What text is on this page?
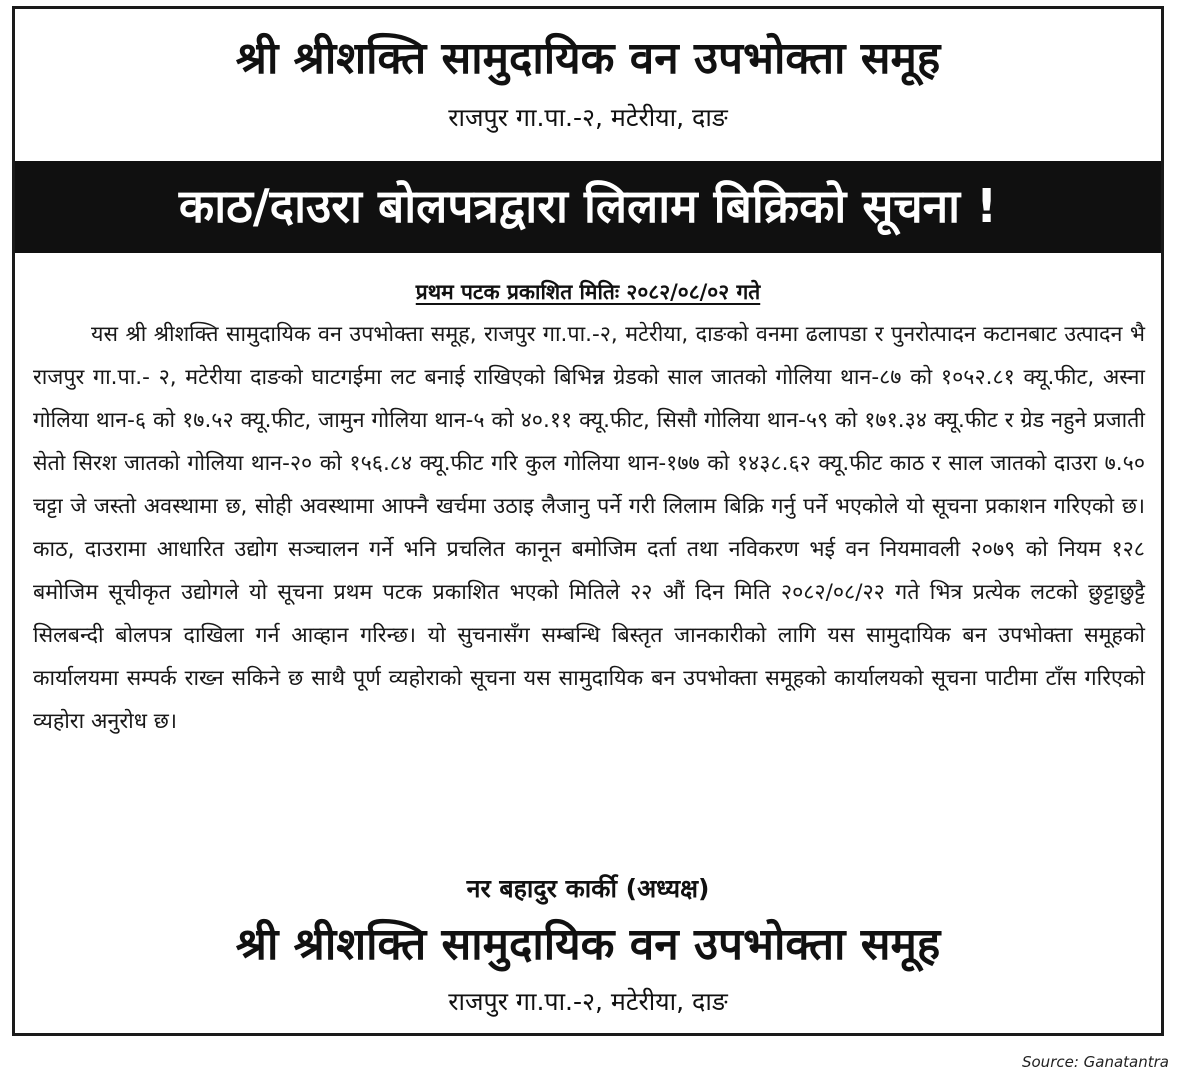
श्री श्रीशक्ति सामुदायिक वन उपभोक्ता समूह
राजपुर गा.पा.-२, मटेरीया, दाङ
काठ/दाउरा बोलपत्रद्वारा लिलाम बिक्रिको सूचना !
प्रथम पटक प्रकाशित मितिः २०८२/०८/०२ गते

यस श्री श्रीशक्ति सामुदायिक वन उपभोक्ता समूह, राजपुर गा.पा.-२, मटेरीया, दाङको वनमा ढलापडा र पुनरोत्पादन कटानबाट उत्पादन भै राजपुर गा.पा.- २, मटेरीया दाङको घाटगईमा लट बनाई राखिएको बिभिन्न ग्रेडको साल जातको गोलिया थान-८७ को १०५२.८१ क्यू.फीट, अस्ना गोलिया थान-६ को १७.५२ क्यू.फीट, जामुन गोलिया थान-५ को ४०.११ क्यू.फीट, सिसौ गोलिया थान-५९ को १७१.३४ क्यू.फीट र ग्रेड नहुने प्रजाती सेतो सिरश जातको गोलिया थान-२० को १५६.८४ क्यू.फीट गरि कुल गोलिया थान-१७७ को १४३८.६२ क्यू.फीट काठ र साल जातको दाउरा ७.५० चट्टा जे जस्तो अवस्थामा छ, सोही अवस्थामा आफ्नै खर्चमा उठाइ लैजानु पर्ने गरी लिलाम बिक्रि गर्नु पर्ने भएकोले यो सूचना प्रकाशन गरिएको छ। काठ, दाउरामा आधारित उद्योग सञ्चालन गर्ने भनि प्रचलित कानून बमोजिम दर्ता तथा नविकरण भई वन नियमावली २०७९ को नियम १२८ बमोजिम सूचीकृत उद्योगले यो सूचना प्रथम पटक प्रकाशित भएको मितिले २२ औं दिन मिति २०८२/०८/२२ गते भित्र प्रत्येक लटको छुट्टाछुट्टै सिलबन्दी बोलपत्र दाखिला गर्न आव्हान गरिन्छ। यो सुचनासँग सम्बन्धि बिस्तृत जानकारीको लागि यस सामुदायिक बन उपभोक्ता समूहको कार्यालयमा सम्पर्क राख्न सकिने छ साथै पूर्ण व्यहोराको सूचना यस सामुदायिक बन उपभोक्ता समूहको कार्यालयको सूचना पाटीमा टाँस गरिएको व्यहोरा अनुरोध छ।

नर बहादुर कार्की (अध्यक्ष)
श्री श्रीशक्ति सामुदायिक वन उपभोक्ता समूह
राजपुर गा.पा.-२, मटेरीया, दाङ
Source: Ganatantra
